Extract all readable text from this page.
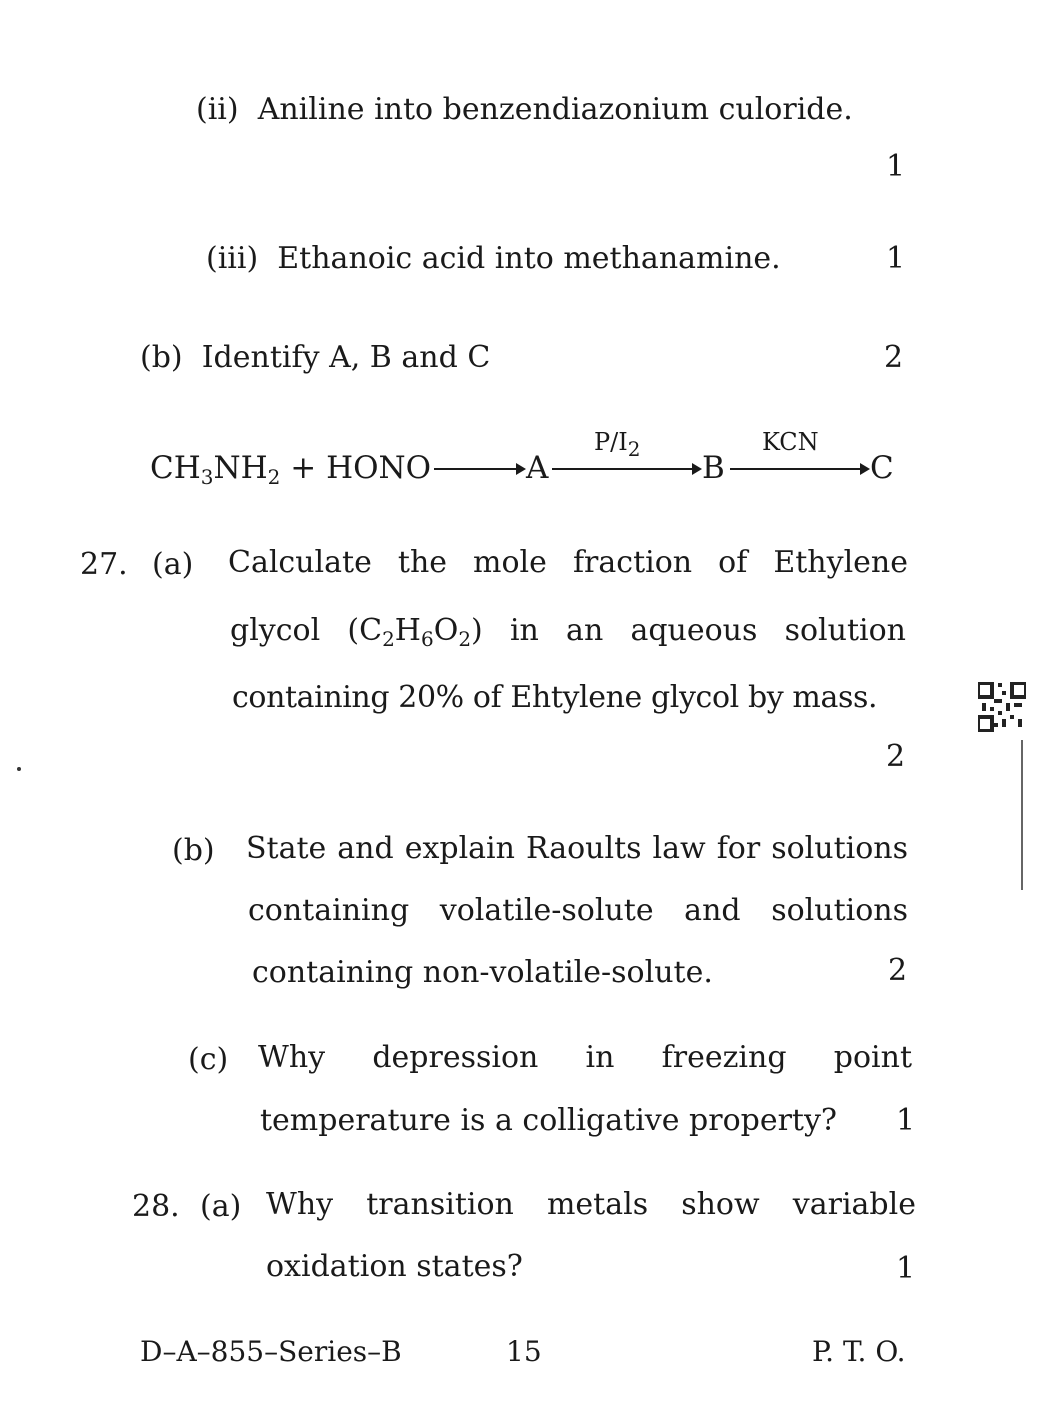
(ii) Aniline into benzendiazonium culoride.
1
(iii) Ethanoic acid into methanamine.	1
(b) Identify A, B and C	2
$CH_3NH_2$ + HONO	A
$P/I_2$
B
KCN
C
27. (a) Calculate the mole fraction of Ethylene
glycol $(C_2H_6O_2)$ in an aqueous solution
containing 20% of Ehtylene glycol by mass.
2
(b) State and explain Raoults law for solutions
containing volatile-solute and solutions
containing non-volatile-solute.	2
(c) Why depression in freezing point
temperature is a colligative property? 1
28. (a) Why transition metals show variable
oxidation states?	1
D–A–855–Series–B	15	P. T. O.
